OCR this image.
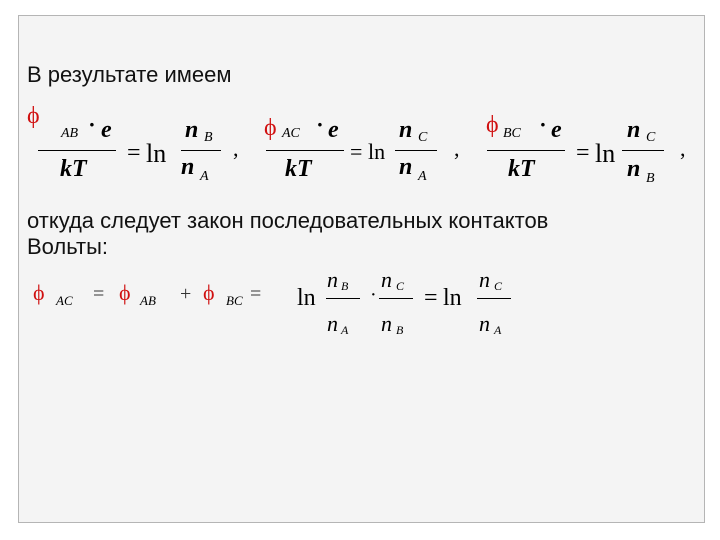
В результате имеем
ϕ
AB · e
kT
= ln
n B
n A
,
ϕ AC · e
kT
= ln
n C
n A
,
ϕ BC · e
kT
= ln
n C
n B
,
откуда следует закон последовательных контактов
Вольты:
ϕ AC = ϕ AB + ϕ BC = ln
n B
n A
·
n C
n B
= ln
n C
n A
